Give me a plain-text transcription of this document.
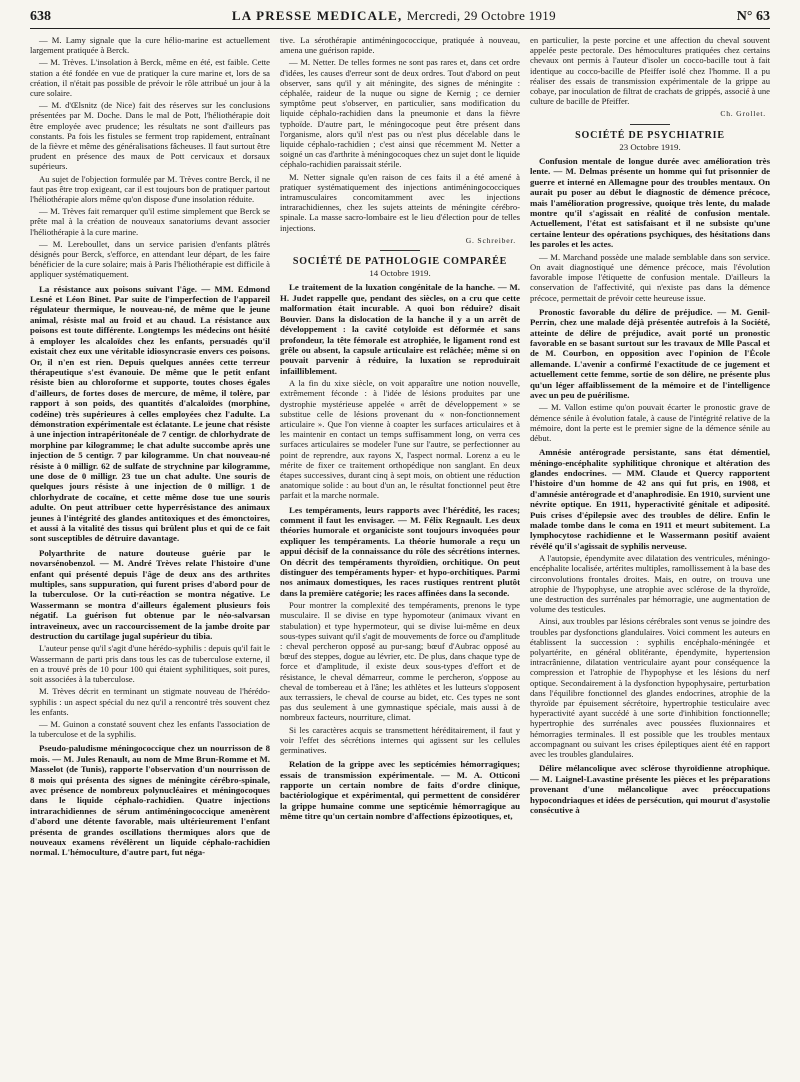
638	LA PRESSE MEDICALE, Mercredi, 29 Octobre 1919	N° 63

— M. Lamy signale que la cure hélio-marine est actuellement largement pratiquée à Berck.

— M. Trèves. L'insolation à Berck, même en été, est faible. Cette station a été fondée en vue de pratiquer la cure marine et, lors de sa création, il n'était pas possible de prévoir le rôle attribué un jour à la cure solaire.

— M. d'Œlsnitz (de Nice) fait des réserves sur les conclusions présentées par M. Doche. Dans le mal de Pott, l'héliothérapie doit être employée avec prudence; les résultats ne sont d'ailleurs pas constants. Pa fois les fistules se ferment trop rapidement, entraînant de la fièvre et même des généralisations fâcheuses. Il faut surtout être prudent en présence des maux de Pott cervicaux et dorsaux supérieurs.

Au sujet de l'objection formulée par M. Trèves contre Berck, il ne faut pas être trop exigeant, car il est toujours bon de pratiquer partout l'héliothérapie alors même qu'on dispose d'une insolation réduite.

— M. Trèves fait remarquer qu'il estime simplement que Berck se prête mal à la création de nouveaux sanatoriums devant associer l'héliothérapie à la cure marine.

— M. Lereboullet, dans un service parisien d'enfants plâtrés désignés pour Berck, s'efforce, en attendant leur départ, de les faire bénéficier de la cure solaire; mais à Paris l'héliothérapie est difficile à appliquer systématiquement.

La résistance aux poisons suivant l'âge. — MM. Edmond Lesné et Léon Binet. Par suite de l'imperfection de l'appareil régulateur thermique, le nouveau-né, de même que le jeune animal, résiste mal au froid et au chaud. La résistance aux poisons est toute différente. Longtemps les médecins ont hésité à employer les alcaloïdes chez les enfants, persuadés qu'il existait chez eux une véritable idiosyncrasie envers ces poisons. Or, il n'en est rien. Depuis quelques années cette terreur thérapeutique s'est évanouie. De même que le petit enfant résiste bien au chloroforme et supporte, toutes choses égales d'ailleurs, de fortes doses de mercure, de même, il tolère, par rapport à son poids, des quantités d'alcaloïdes (morphine, codéine) très supérieures à celles employées chez l'adulte. La démonstration expérimentale est éclatante. Le jeune chat résiste à une injection intrapéritonéale de 7 centigr. de chlorhydrate de morphine par kilogramme; le chat adulte succombe après une injection de 5 centigr. 7 par kilogramme. Un chat nouveau-né résiste à 0 milligr. 62 de sulfate de strychnine par kilogramme, une dose de 0 milligr. 23 tue un chat adulte. Une souris de quelques jours résiste à une injection de 0 milligr. 1 de chlorhydrate de cocaïne, et cette même dose tue une souris adulte. On peut attribuer cette hyperrésistance des animaux jeunes à l'intégrité des glandes antitoxiques et des émonctoires, et aussi à la vitalité des tissus qui brûlent plus et qui de ce fait sont susceptibles de détruire davantage.
Polyarthrite de nature douteuse guérie par le novarsénobenzol. — M. André Trèves relate l'histoire d'une enfant qui présenté depuis l'âge de deux ans des arthrites multiples, sans suppuration, qui furent prises d'abord pour de la tuberculose. Or la cuti-réaction se montra négative. Le Wassermann se montra d'ailleurs également plusieurs fois négatif. La guérison fut obtenue par le néo-salvarsan intraveineux, avec un raccourcissement de la jambe droite par destruction du cartilage jugal supérieur du tibia.

L'auteur pense qu'il s'agit d'une hérédo-syphilis : depuis qu'il fait le Wassermann de parti pris dans tous les cas de tuberculose externe, il en a trouvé près de 10 pour 100 qui étaient syphilitiques, soit pures, soit associées à la tuberculose.

M. Trèves décrit en terminant un stigmate nouveau de l'hérédo-syphilis : un aspect spécial du nez qu'il a rencontré très souvent chez les enfants.

— M. Guinon a constaté souvent chez les enfants l'association de la tuberculose et de la syphilis.

Pseudo-paludisme méningococcique chez un nourrisson de 8 mois. — M. Jules Renault, au nom de Mme Brun-Romme et M. Masselot (de Tunis), rapporte l'observation d'un nourrisson de 8 mois qui présenta des signes de méningite cérébro-spinale, avec présence de nombreux polynucléaires et méningocoques dans le liquide céphalo-rachidien. Quatre injections intrarachidiennes de sérum antiméningococcique amenèrent d'abord une détente favorable, mais ultérieurement l'enfant présenta de grandes oscillations thermiques alors que de nouveaux examens révélèrent un liquide céphalo-rachidien normal. L'hémoculture, d'autre part, fut néga-

tive. La sérothérapie antiméningococcique, pratiquée à nouveau, amena une guérison rapide.

— M. Netter. De telles formes ne sont pas rares et, dans cet ordre d'idées, les causes d'erreur sont de deux ordres. Tout d'abord on peut observer, sans qu'il y ait méningite, des signes de méningite : céphalée, raideur de la nuque ou signe de Kernig ; ce dernier symptôme peut s'observer, en particulier, sans modification du liquide céphalo-rachidien dans la pneumonie et dans la fièvre typhoïde. D'autre part, le méningocoque peut être présent dans l'organisme, alors qu'il n'est pas ou n'est plus décelable dans le liquide céphalo-rachidien ; c'est ainsi que récemment M. Netter a soigné un cas d'arthrite à méningocoques chez un sujet dont le liquide céphalo-rachidien paraissait stérile.

M. Netter signale qu'en raison de ces faits il a été amené à pratiquer systématiquement des injections antiméningococciques intramusculaires concomitamment avec les injections intrarachidiennes, chez les sujets atteints de méningite cérébro-spinale. La masse sacro-lombaire est le lieu d'élection pour de telles injections.

G. Schreiber.

SOCIÉTÉ DE PATHOLOGIE COMPARÉE

14 Octobre 1919.

Le traitement de la luxation congénitale de la hanche. — M. H. Judet rappelle que, pendant des siècles, on a cru que cette malformation était incurable. A quoi bon réduire? disait Bouvier. Dans la dislocation de la hanche il y a un arrêt de développement : la cavité cotyloïde est déformée et sans profondeur, la tête fémorale est atrophiée, le ligament rond est grêle ou absent, la capsule articulaire est relâchée; même si on pouvait parvenir à réduire, la luxation se reproduirait infailliblement.

A la fin du xixe siècle, on voit apparaître une notion nouvelle, extrêmement féconde : à l'idée de lésions produites par une dystrophie mystérieuse appelée « arrêt de développement » se substitue celle de lésions provenant du « non-fonctionnement articulaire ». Que l'on vienne à coapter les surfaces articulaires et à les maintenir en contact un temps suffisamment long, on verra ces surfaces articulaires se modeler l'une sur l'autre, se perfectionner au point de reprendre, aux rayons X, l'aspect normal. Lorenz a eu le mérite de fixer ce traitement orthopédique non sanglant. En deux étapes successives, durant cinq à sept mois, on obtient une réduction anatomique solide : au bout d'un an, le résultat fonctionnel peut être parfait et la marche normale.

Les tempéraments, leurs rapports avec l'hérédité, les races; comment il faut les envisager. — M. Félix Regnault. Les deux théories humorale et organiciste sont toujours invoquées pour expliquer les tempéraments. La théorie humorale a reçu un appui décisif de la connaissance du rôle des sécrétions internes. On décrit des tempéraments thyroïdien, orchitique. On peut distinguer des tempéraments hyper- et hypo-orchitiques. Parmi nos animaux domestiques, les races rustiques rentrent plutôt dans la première catégorie; les races affinées dans la seconde.

Pour montrer la complexité des tempéraments, prenons le type musculaire. Il se divise en type hypomoteur (animaux vivant en stabulation) et type hypermoteur, qui se divise lui-même en deux sous-types suivant qu'il s'agit de mouvements de force ou d'amplitude : cheval percheron opposé au pur-sang; bœuf d'Aubrac opposé au bœuf des steppes, dogue au lévrier, etc. De plus, dans chaque type de force et d'amplitude, il existe deux sous-types d'effort et de résistance, le cheval démarreur, comme le percheron, s'oppose au cheval de tombereau et à l'âne; les athlètes et les lutteurs s'opposent aux terrassiers, le cheval de course au bidet, etc. Ces types ne sont pas dus seulement à une gymnastique spéciale, mais aussi à de nombreux facteurs, nourriture, climat.

Si les caractères acquis se transmettent héréditairement, il faut y voir l'effet des sécrétions internes qui agissent sur les cellules germinatives.

Relation de la grippe avec les septicémies hémorragiques; essais de transmission expérimentale. — M. A. Otticoni rapporte un certain nombre de faits d'ordre clinique, bactériologique et expérimental, qui permettent de considérer la grippe humaine comme une septicémie hémorragique au même titre qu'un certain nombre d'affections épizootiques, et,

en particulier, la peste porcine et une affection du cheval souvent appelée peste pectorale. Des hémocultures pratiquées chez certains chevaux ont permis à l'auteur d'isoler un cocco-bacille tout à fait identique au cocco-bacille de Pfeiffer isolé chez l'homme. Il a pu réaliser des essais de transmission expérimentale de la grippe au cobaye, par inoculation de filtrat de crachats de grippés, associé à une culture de bacille de Pfeiffer.

Ch. Grollet.

SOCIÉTÉ DE PSYCHIATRIE

23 Octobre 1919.

Confusion mentale de longue durée avec amélioration très lente. — M. Delmas présente un homme qui fut prisonnier de guerre et interné en Allemagne pour des troubles mentaux. On aurait pu poser au début le diagnostic de démence précoce, mais l'amélioration progressive, quoique très lente, du malade montre qu'il s'agissait en réalité de confusion mentale. Actuellement, l'état est satisfaisant et il ne subsiste qu'une certaine lenteur des opérations psychiques, des hésitations dans les paroles et les actes.

— M. Marchand possède une malade semblable dans son service. On avait diagnostiqué une démence précoce, mais l'évolution favorable impose l'étiquette de confusion mentale. D'ailleurs la conservation de l'affectivité, qui n'existe pas dans la démence précoce, permettait de prévoir cette heureuse issue.

Pronostic favorable du délire de préjudice. — M. Genil-Perrin, chez une malade déjà présentée autrefois à la Société, atteinte de délire de préjudice, avait porté un pronostic favorable en se basant surtout sur les travaux de Mlle Pascal et de M. Courbon, en opposition avec l'opinion de l'École allemande. L'avenir a confirmé l'exactitude de ce jugement et actuellement cette femme, sortie de son délire, ne présente plus qu'un léger affaiblissement de la mémoire et de l'intelligence avec un peu de puérilisme.

— M. Vallon estime qu'on pouvait écarter le pronostic grave de démence sénile à évolution fatale, à cause de l'intégrité relative de la mémoire, dont la perte est le premier signe de la démence sénile au début.

Amnésie antérograde persistante, sans état démentiel, méningo-encéphalite syphilitique chronique et altération des glandes endocrines. — MM. Claude et Quercy rapportent l'histoire d'un homme de 42 ans qui fut pris, en 1908, et d'amnésie antérograde et d'anaphrodisie. En 1910, survient une névrite optique. En 1911, hyperactivité génitale et adiposité. Puis crises d'épilepsie avec des troubles de délire. Enfin le malade tombe dans le coma en 1911 et meurt subitement. La lymphocytose rachidienne et le Wassermann positif avaient révélé qu'il s'agissait de syphilis nerveuse.

A l'autopsie, épendymite avec dilatation des ventricules, méningo-encéphalite localisée, artérites multiples, ramollissement à la base des circonvolutions frontales droites. Mais, en outre, on trouva une atrophie de l'hypophyse, une atrophie avec sclérose de la thyroïde, une destruction des surrénales par hémorragie, une augmentation de volume des testicules.

Ainsi, aux troubles par lésions cérébrales sont venus se joindre des troubles par dysfonctions glandulaires. Voici comment les auteurs en établissent la succession : syphilis encéphalo-méningée et polyartérite, en général oblitérante, épendymite, hypertension intracrânienne, dilatation ventriculaire ayant pour conséquence la compression et l'atrophie de l'hypophyse et les lésions du nerf optique. Secondairement à la dysfonction hypophysaire, perturbation dans l'équilibre fonctionnel des glandes endocrines, atrophie de la thyroïde par épuisement sécrétoire, hypertrophie testiculaire avec hyperactivité ayant succédé à une sorte d'inhibition fonctionnelle; hypertrophie des surrénales avec poussées fluxionnaires et hémorragies terminales. Il est possible que les troubles mentaux accompagnant ou suivant les crises épileptiques aient été en rapport avec les troubles glandulaires.

Délire mélancolique avec sclérose thyroïdienne atrophique. — M. Laignel-Lavastine présente les pièces et les préparations provenant d'une mélancolique avec préoccupations hypocondriaques et idées de persécution, qui mourut d'asystolie consécutive à
